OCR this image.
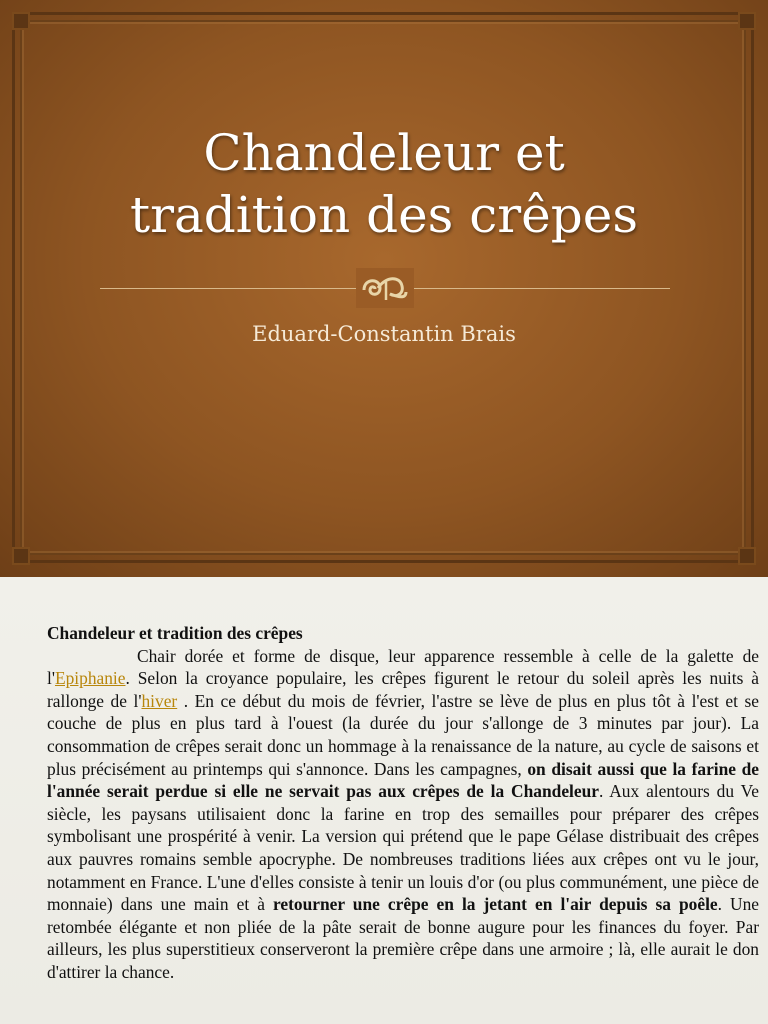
Chandeleur et
tradition des crêpes
Eduard-Constantin Brais
Chandeleur et tradition des crêpes
Chair dorée et forme de disque, leur apparence ressemble à celle de la galette de l'Epiphanie. Selon la croyance populaire, les crêpes figurent le retour du soleil après les nuits à rallonge de l'hiver . En ce début du mois de février, l'astre se lève de plus en plus tôt à l'est et se couche de plus en plus tard à l'ouest (la durée du jour s'allonge de 3 minutes par jour). La consommation de crêpes serait donc un hommage à la renaissance de la nature, au cycle de saisons et plus précisément au printemps qui s'annonce. Dans les campagnes, on disait aussi que la farine de l'année serait perdue si elle ne servait pas aux crêpes de la Chandeleur. Aux alentours du Ve siècle, les paysans utilisaient donc la farine en trop des semailles pour préparer des crêpes symbolisant une prospérité à venir. La version qui prétend que le pape Gélase distribuait des crêpes aux pauvres romains semble apocryphe. De nombreuses traditions liées aux crêpes ont vu le jour, notamment en France. L'une d'elles consiste à tenir un louis d'or (ou plus communément, une pièce de monnaie) dans une main et à retourner une crêpe en la jetant en l'air depuis sa poêle. Une retombée élégante et non pliée de la pâte serait de bonne augure pour les finances du foyer. Par ailleurs, les plus superstitieux conserveront la première crêpe dans une armoire ; là, elle aurait le don d'attirer la chance.
